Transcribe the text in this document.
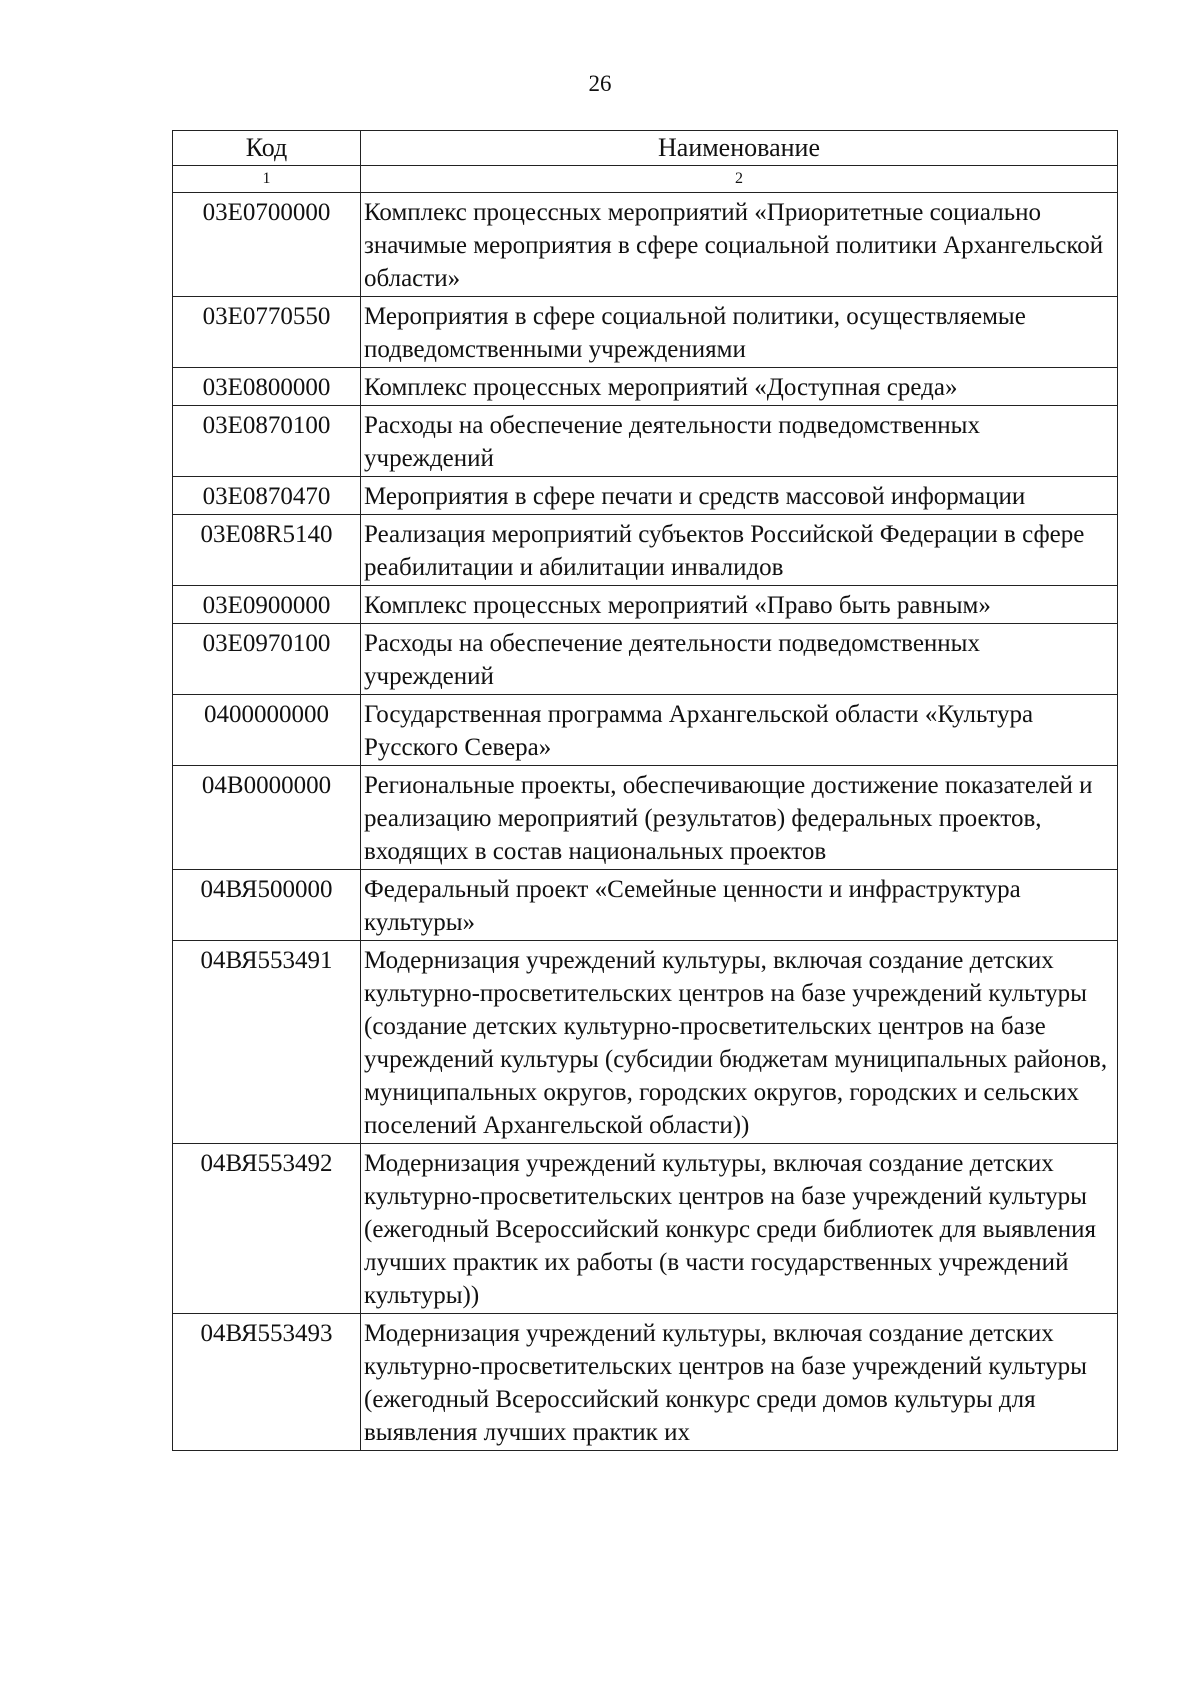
26
Код	Наименование
1	2
03Е0700000	Комплекс процессных мероприятий «Приоритетные социально значимые мероприятия в сфере социальной политики Архангельской области»
03Е0770550	Мероприятия в сфере социальной политики, осуществляемые подведомственными учреждениями
03Е0800000	Комплекс процессных мероприятий «Доступная среда»
03Е0870100	Расходы на обеспечение деятельности подведомственных учреждений
03Е0870470	Мероприятия в сфере печати и средств массовой информации
03Е08R5140	Реализация мероприятий субъектов Российской Федерации в сфере реабилитации и абилитации инвалидов
03Е0900000	Комплекс процессных мероприятий «Право быть равным»
03Е0970100	Расходы на обеспечение деятельности подведомственных учреждений
0400000000	Государственная программа Архангельской области «Культура Русского Севера»
04В0000000	Региональные проекты, обеспечивающие достижение показателей и реализацию мероприятий (результатов) федеральных проектов, входящих в состав национальных проектов
04ВЯ500000	Федеральный проект «Семейные ценности и инфраструктура культуры»
04ВЯ553491	Модернизация учреждений культуры, включая создание детских культурно-просветительских центров на базе учреждений культуры (создание детских культурно-просветительских центров на базе учреждений культуры (субсидии бюджетам муниципальных районов, муниципальных округов, городских округов, городских и сельских поселений Архангельской области))
04ВЯ553492	Модернизация учреждений культуры, включая создание детских культурно-просветительских центров на базе учреждений культуры (ежегодный Всероссийский конкурс среди библиотек для выявления лучших практик их работы (в части государственных учреждений культуры))
04ВЯ553493	Модернизация учреждений культуры, включая создание детских культурно-просветительских центров на базе учреждений культуры (ежегодный Всероссийский конкурс среди домов культуры для выявления лучших практик их
